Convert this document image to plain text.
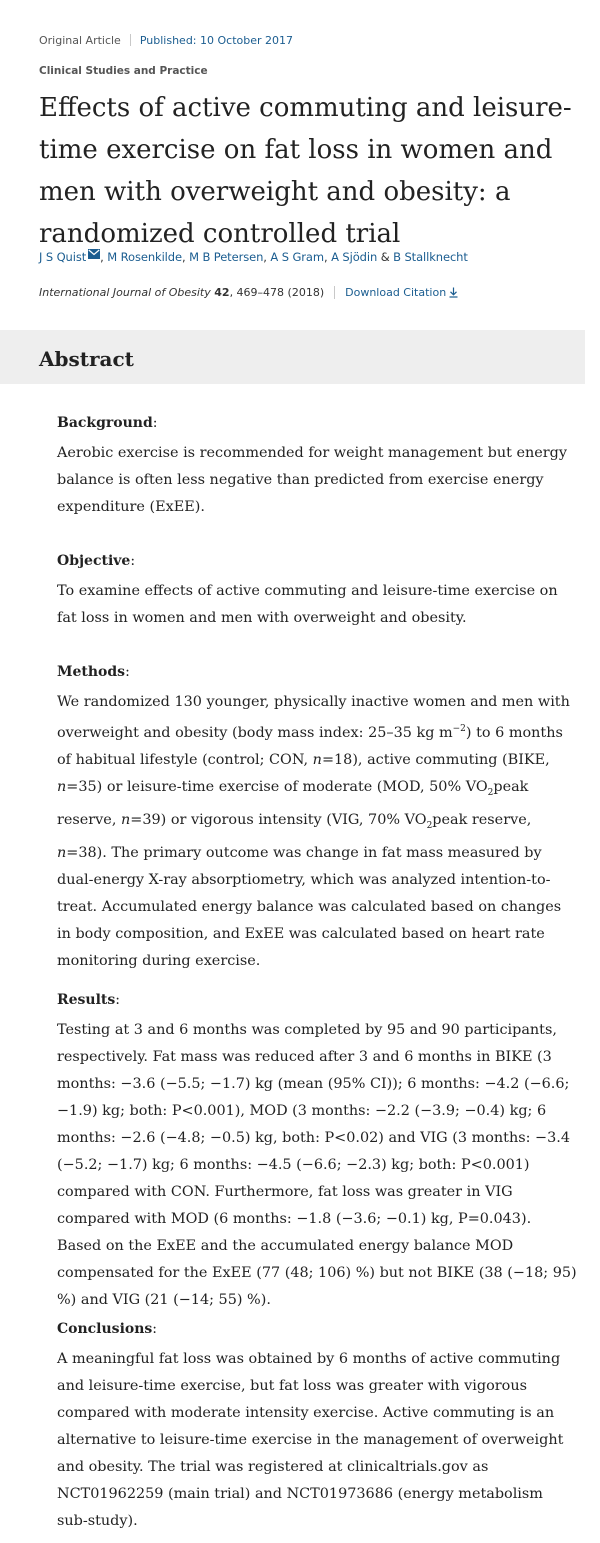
Original Article Published: 10 October 2017
Clinical Studies and Practice
Effects of active commuting and leisure-time exercise on fat loss in women and men with overweight and obesity: a randomized controlled trial
J S Quist , M Rosenkilde, M B Petersen, A S Gram, A Sjödin & B Stallknecht
International Journal of Obesity
42 , 469–478 (2018) Download Citation
Abstract
Background:

Aerobic exercise is recommended for weight management but energy balance is often less negative than predicted from exercise energy expenditure (ExEE).

Objective:

To examine effects of active commuting and leisure-time exercise on fat loss in women and men with overweight and obesity.

Methods:

We randomized 130 younger, physically inactive women and men with overweight and obesity (body mass index: 25–35 kg $m^{-2}$) to 6 months of habitual lifestyle (control; CON, n=18), active commuting (BIKE, n=35) or leisure-time exercise of moderate (MOD, 50% $VO_2peak$ reserve, n=39) or vigorous intensity (VIG, 70% $VO_2peak$ reserve, n=38). The primary outcome was change in fat mass measured by dual-energy X-ray absorptiometry, which was analyzed intention-to-treat. Accumulated energy balance was calculated based on changes in body composition, and ExEE was calculated based on heart rate monitoring during exercise.

Results:

Testing at 3 and 6 months was completed by 95 and 90 participants, respectively. Fat mass was reduced after 3 and 6 months in BIKE (3 months: −3.6 (−5.5; −1.7) kg (mean (95% CI)); 6 months: −4.2 (−6.6; −1.9) kg; both: P<0.001), MOD (3 months: −2.2 (−3.9; −0.4) kg; 6 months: −2.6 (−4.8; −0.5) kg, both: P<0.02) and VIG (3 months: −3.4 (−5.2; −1.7) kg; 6 months: −4.5 (−6.6; −2.3) kg; both: P<0.001) compared with CON. Furthermore, fat loss was greater in VIG compared with MOD (6 months: −1.8 (−3.6; −0.1) kg, P=0.043). Based on the ExEE and the accumulated energy balance MOD compensated for the ExEE (77 (48; 106) %) but not BIKE (38 (−18; 95) %) and VIG (21 (−14; 55) %).

Conclusions:

A meaningful fat loss was obtained by 6 months of active commuting and leisure-time exercise, but fat loss was greater with vigorous compared with moderate intensity exercise. Active commuting is an alternative to leisure-time exercise in the management of overweight and obesity. The trial was registered at clinicaltrials.gov as NCT01962259 (main trial) and NCT01973686 (energy metabolism sub-study).
